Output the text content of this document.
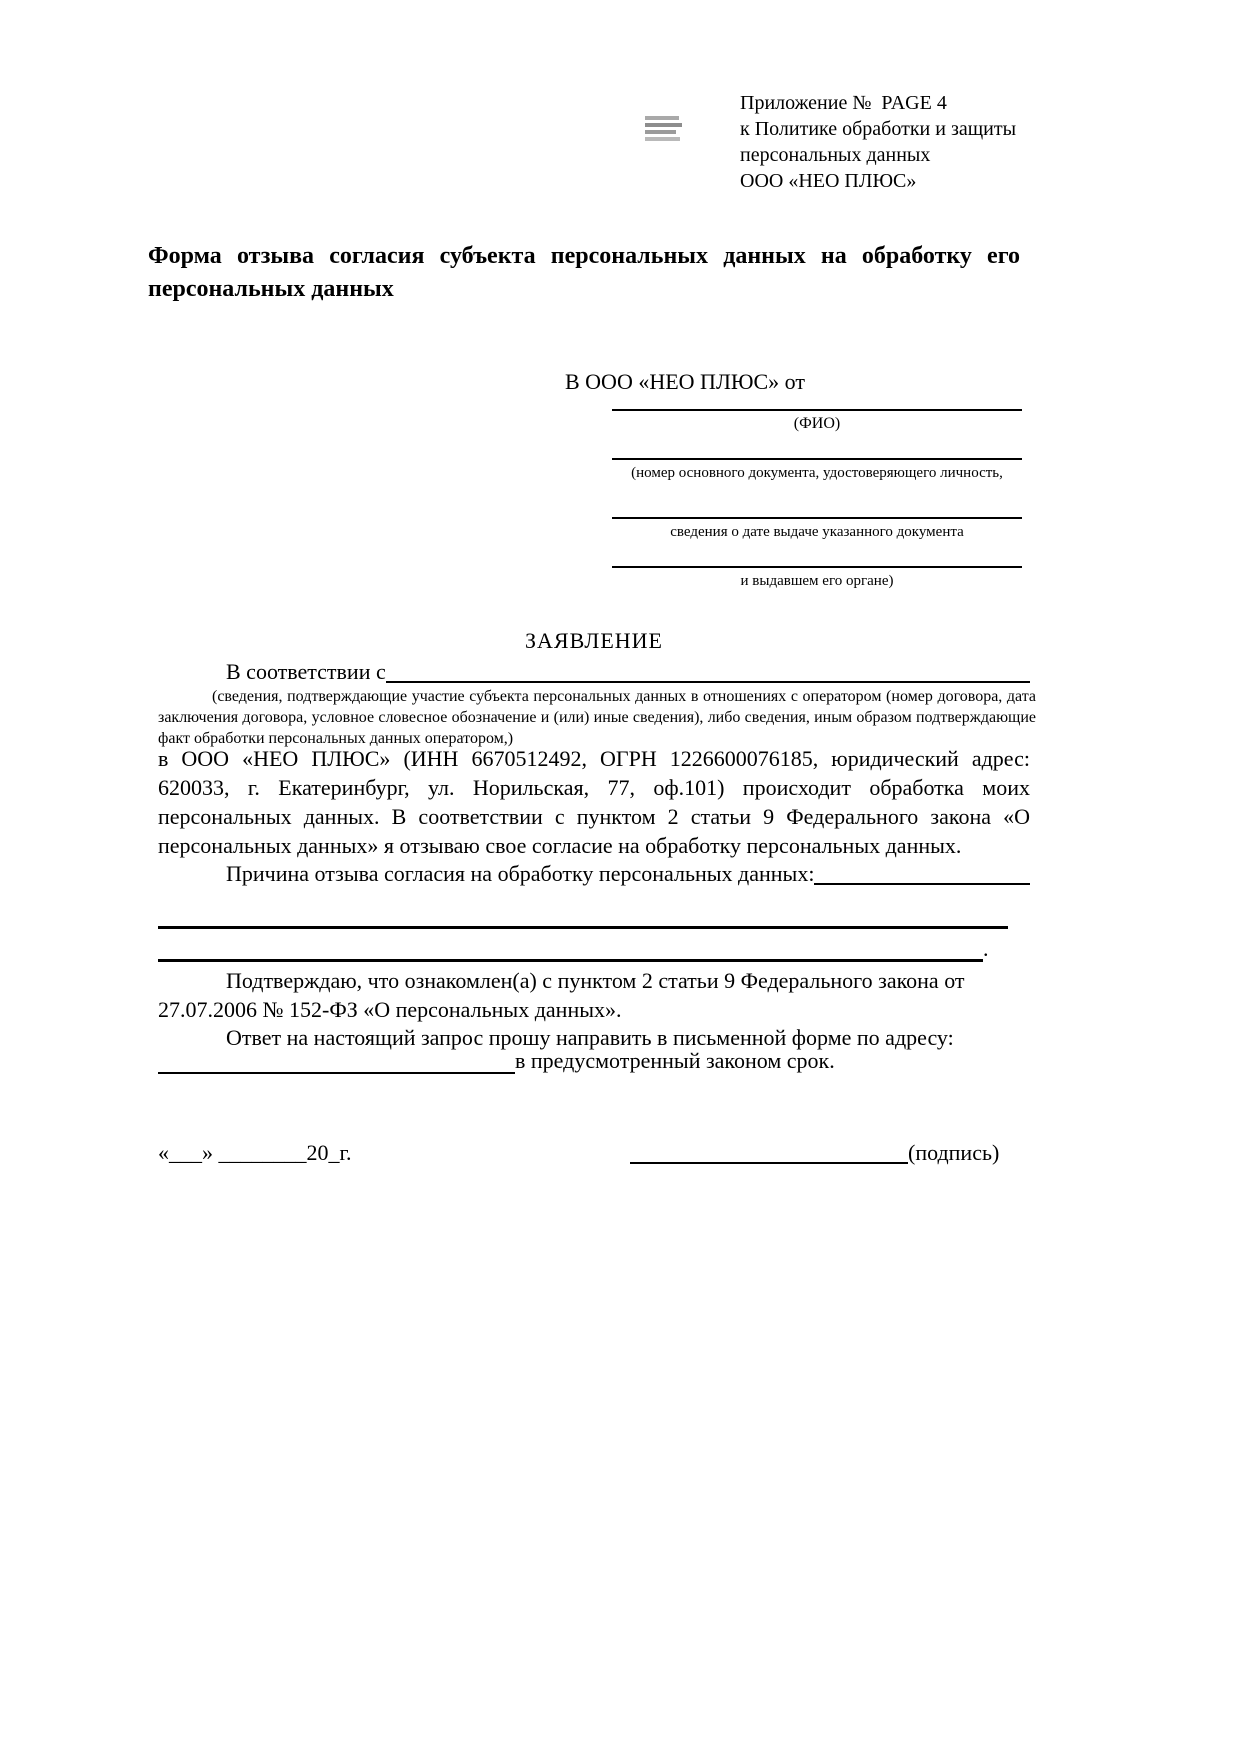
Приложение №  PAGE 4
к Политике обработки и защиты
персональных данных
ООО «НЕО ПЛЮС»
Форма отзыва согласия субъекта персональных данных на обработку его персональных данных
В ООО «НЕО ПЛЮС» от
(ФИО)
(номер основного документа, удостоверяющего личность,
сведения о дате выдаче указанного документа
и выдавшем его органе)
ЗАЯВЛЕНИЕ
В соответствии с
(сведения, подтверждающие участие субъекта персональных данных в отношениях с оператором (номер договора, дата заключения договора, условное словесное обозначение и (или) иные сведения), либо сведения, иным образом подтверждающие факт обработки персональных данных оператором,)
в ООО «НЕО ПЛЮС» (ИНН 6670512492, ОГРН 1226600076185, юридический адрес: 620033, г. Екатеринбург, ул. Норильская, 77, оф.101) происходит обработка моих персональных данных. В соответствии с пунктом 2 статьи 9 Федерального закона «О персональных данных» я отзываю свое согласие на обработку персональных данных.
Причина отзыва согласия на обработку персональных данных:
.
Подтверждаю, что ознакомлен(а) с пунктом 2 статьи 9 Федерального закона от 27.07.2006 № 152-ФЗ «О персональных данных».
Ответ на настоящий запрос прошу направить в письменной форме по адресу:
в предусмотренный законом срок.
«___» ________20_г.	(подпись)
